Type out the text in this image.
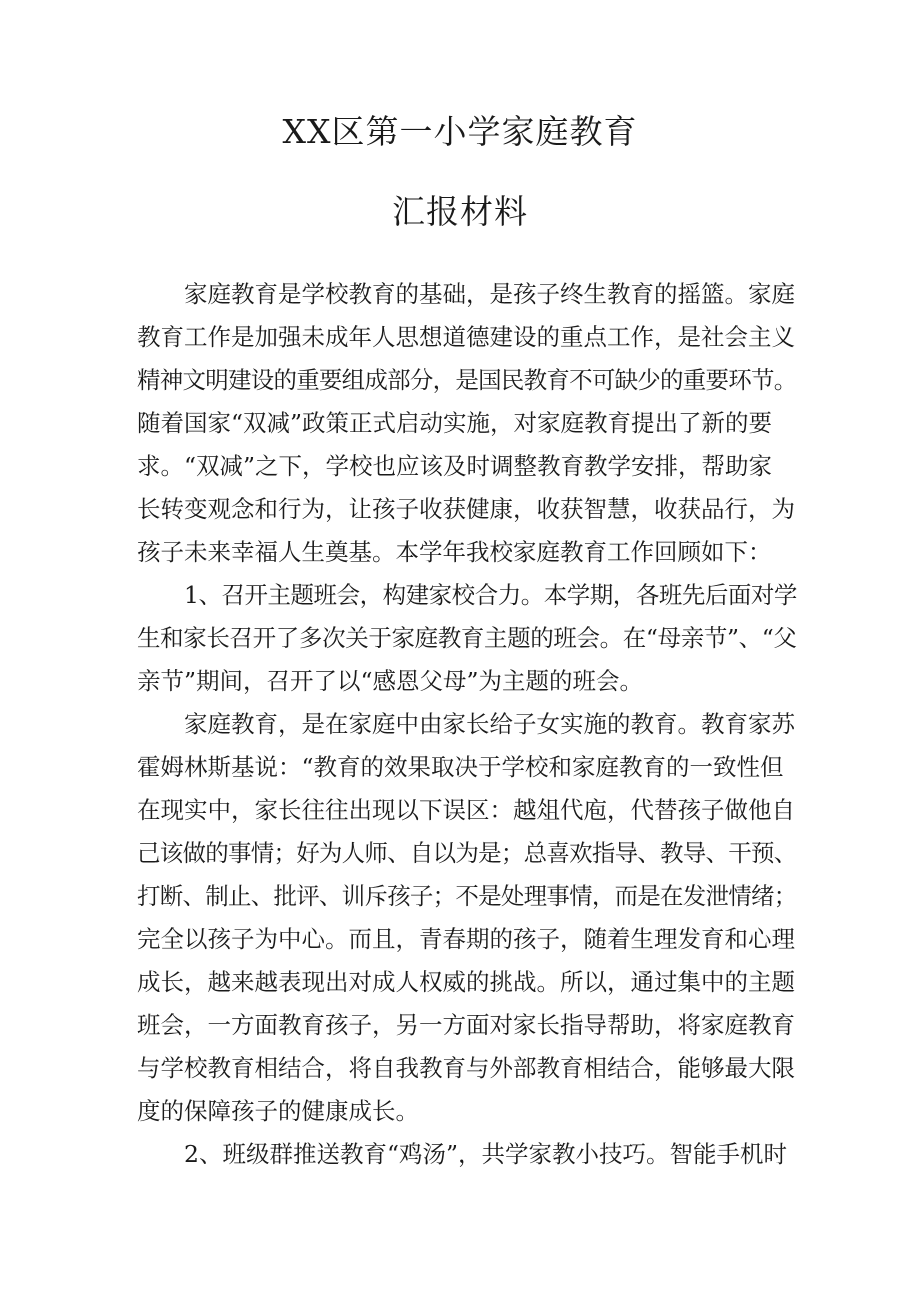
XX区第一小学家庭教育
汇报材料
家庭教育是学校教育的基础，是孩子终生教育的摇篮。家庭
教育工作是加强未成年人思想道德建设的重点工作，是社会主义
精神文明建设的重要组成部分，是国民教育不可缺少的重要环节。
随着国家“双减”政策正式启动实施，对家庭教育提出了新的要
求。“双减”之下，学校也应该及时调整教育教学安排，帮助家
长转变观念和行为，让孩子收获健康，收获智慧，收获品行，为
孩子未来幸福人生奠基。本学年我校家庭教育工作回顾如下：
1、召开主题班会，构建家校合力。本学期，各班先后面对学
生和家长召开了多次关于家庭教育主题的班会。在“母亲节”、“父
亲节”期间，召开了以“感恩父母”为主题的班会。
家庭教育，是在家庭中由家长给子女实施的教育。教育家苏
霍姆林斯基说：“教育的效果取决于学校和家庭教育的一致性但
在现实中，家长往往出现以下误区：越俎代庖，代替孩子做他自
己该做的事情；好为人师、自以为是；总喜欢指导、教导、干预、
打断、制止、批评、训斥孩子；不是处理事情，而是在发泄情绪；
完全以孩子为中心。而且，青春期的孩子，随着生理发育和心理
成长，越来越表现出对成人权威的挑战。所以，通过集中的主题
班会，一方面教育孩子，另一方面对家长指导帮助，将家庭教育
与学校教育相结合，将自我教育与外部教育相结合，能够最大限
度的保障孩子的健康成长。
2、班级群推送教育“鸡汤”，共学家教小技巧。智能手机时
